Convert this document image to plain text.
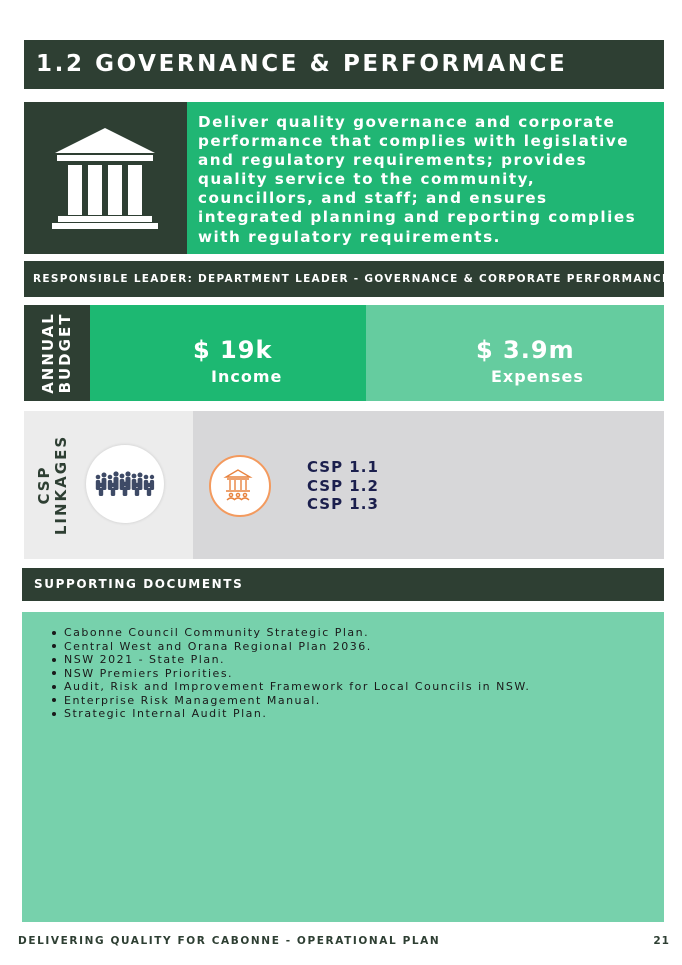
1.2 GOVERNANCE & PERFORMANCE
Deliver quality governance and corporate performance that complies with legislative and regulatory requirements; provides quality service to the community, councillors, and staff; and ensures integrated planning and reporting complies with regulatory requirements.
RESPONSIBLE LEADER: DEPARTMENT LEADER - GOVERNANCE & CORPORATE PERFORMANCE
ANNUAL BUDGET	$ 19k
Income
$ 3.9m
Expenses
CSP LINKAGES	CSP 1.1
CSP 1.2
CSP 1.3
SUPPORTING DOCUMENTS
Cabonne Council Community Strategic Plan.
Central West and Orana Regional Plan 2036.
NSW 2021 - State Plan.
NSW Premiers Priorities.
Audit, Risk and Improvement Framework for Local Councils in NSW.
Enterprise Risk Management Manual.
Strategic Internal Audit Plan.
DELIVERING QUALITY FOR CABONNE - OPERATIONAL PLAN	21
